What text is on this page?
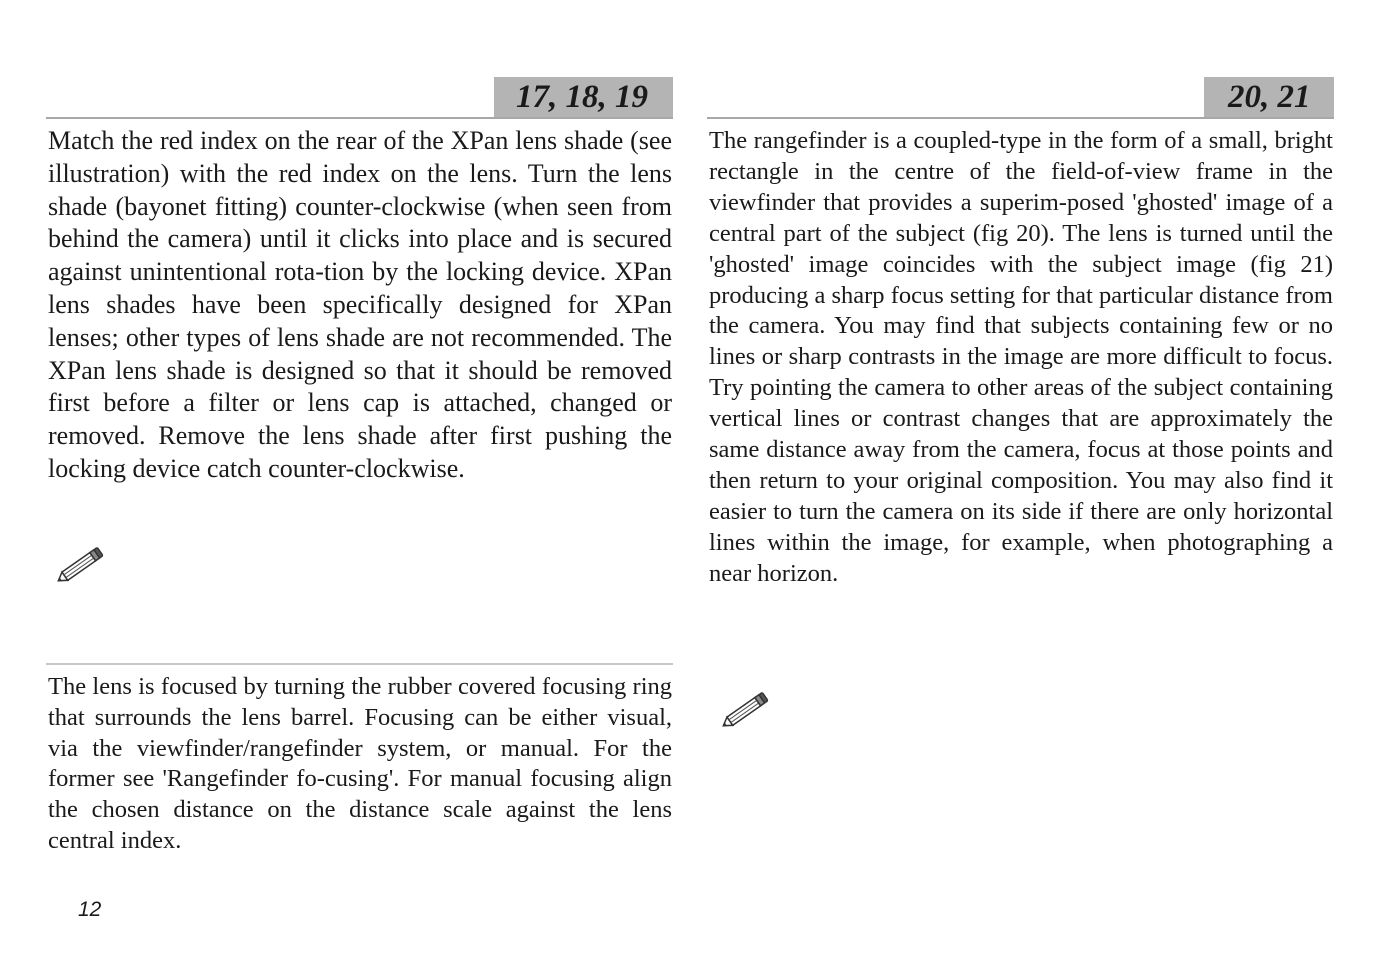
17, 18, 19

Match the red index on the rear of the XPan lens shade (see illustration) with the red index on the lens. Turn the lens shade (bayonet fitting) counter-clockwise (when seen from behind the camera) until it clicks into place and is secured against unintentional rota-tion by the locking device. XPan lens shades have been specifically designed for XPan lenses; other types of lens shade are not recommended. The XPan lens shade is designed so that it should be removed first before a filter or lens cap is attached, changed or removed. Remove the lens shade after first pushing the locking device catch counter-clockwise.

The lens is focused by turning the rubber covered focusing ring that surrounds the lens barrel. Focusing can be either visual, via the viewfinder/rangefinder system, or manual. For the former see 'Rangefinder fo-cusing'. For manual focusing align the chosen distance on the distance scale against the lens central index.

20, 21

The rangefinder is a coupled-type in the form of a small, bright rectangle in the centre of the field-of-view frame in the viewfinder that provides a superim-posed 'ghosted' image of a central part of the subject (fig 20). The lens is turned until the 'ghosted' image coincides with the subject image (fig 21) producing a sharp focus setting for that particular distance from the camera. You may find that subjects containing few or no lines or sharp contrasts in the image are more difficult to focus. Try pointing the camera to other areas of the subject containing vertical lines or contrast changes that are approximately the same distance away from the camera, focus at those points and then return to your original composition. You may also find it easier to turn the camera on its side if there are only horizontal lines within the image, for example, when photographing a near horizon.

12
